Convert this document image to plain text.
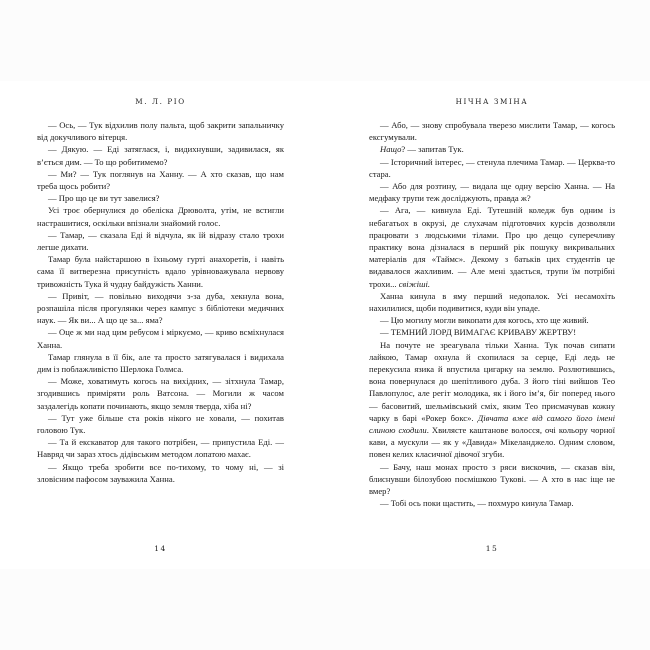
М. Л. РІО

— Ось, — Тук відхилив полу пальта, щоб закрити запальничку від докучливого вітерця.

— Дякую. — Еді затяглася, і, видихнувши, задивилася, як в’ється дим. — То що робитимемо?

— Ми? — Тук поглянув на Ханну. — А хто сказав, що нам треба щось робити?

— Про що це ви тут завелися?

Усі троє обернулися до обеліска Дрюволта, утім, не встигли настрашитися, оскільки впізнали знайомий голос.

— Тамар, — сказала Еді й відчула, як їй відразу стало трохи легше дихати.

Тамар була найстаршою в їхньому гурті анахоретів, і навіть сама її витверезна присутність вдало урівноважувала нервову тривожність Тука й чудну байдужість Ханни.

— Привіт, — повільно виходячи з-за дуба, хекнула вона, розпашіла після прогулянки через кампус з бібліотеки медичних наук. — Як ви... А що це за... яма?

— Оце ж ми над цим ребусом і міркуємо, — криво всміхнулася Ханна.

Тамар глянула в її бік, але та просто затягувалася і видихала дим із поблажливістю Шерлока Голмса.

— Може, ховатимуть когось на вихідних, — зітхнула Тамар, згодившись приміряти роль Ватсона. — Могили ж часом заздалегідь копати починають, якщо земля тверда, хіба ні?

— Тут уже більше ста років нікого не ховали, — похитав головою Тук.

— Та й екскаватор для такого потрібен, — припустила Еді. — Навряд чи зараз хтось дідівським методом лопатою махає.

— Якщо треба зробити все по-тихому, то чому ні, — зі зловісним пафосом зауважила Ханна.

14
НІЧНА ЗМІНА

— Або, — знову спробувала тверезо мислити Тамар, — когось ексгумували.

Нащо? — запитав Тук.

— Історичний інтерес, — стенула плечима Тамар. — Церква-то стара.

— Або для розтину, — видала ще одну версію Ханна. — На медфаку трупи теж досліджують, правда ж?

— Ага, — кивнула Еді. Тутешній коледж був одним із небагатьох в окрузі, де слухачам підготовчих курсів дозволяли працювати з людськими тілами. Про цю дещо суперечливу практику вона дізналася в перший рік пошуку викривальних матеріалів для «Таймс». Декому з батьків цих студентів це видавалося жахливим. — Але мені здається, трупи їм потрібні трохи... свіжіші.

Ханна кинула в яму перший недопалок. Усі несамохіть нахилилися, щоби подивитися, куди він упаде.

— Цю могилу могли викопати для когось, хто ще живий.

— ТЕМНИЙ ЛОРД ВИМАГАЄ КРИВАВУ ЖЕРТВУ!

На почуте не зреагувала тільки Ханна. Тук почав сипати лайкою, Тамар охнула й схопилася за серце, Еді ледь не перекусила язика й впустила цигарку на землю. Розлютившись, вона повернулася до шепітливого дуба. З його тіні вийшов Тео Павлопулос, але регіт молодика, як і його ім’я, біг поперед нього — басовитий, шельмівський сміх, яким Тео присмачував кожну чарку в барі «Рокер бокс». Дівчата вже від самого його імені слиною сходили. Хвилясте каштанове волосся, очі кольору чорної кави, а мускули — як у «Давида» Мікеланджело. Одним словом, повен келих класичної дівочої згуби.

— Бачу, наш монах просто з ряси вискочив, — сказав він, блиснувши білозубою посмішкою Тукові. — А хто в нас іще не вмер?

— Тобі ось поки щастить, — похмуро кинула Тамар.

15
